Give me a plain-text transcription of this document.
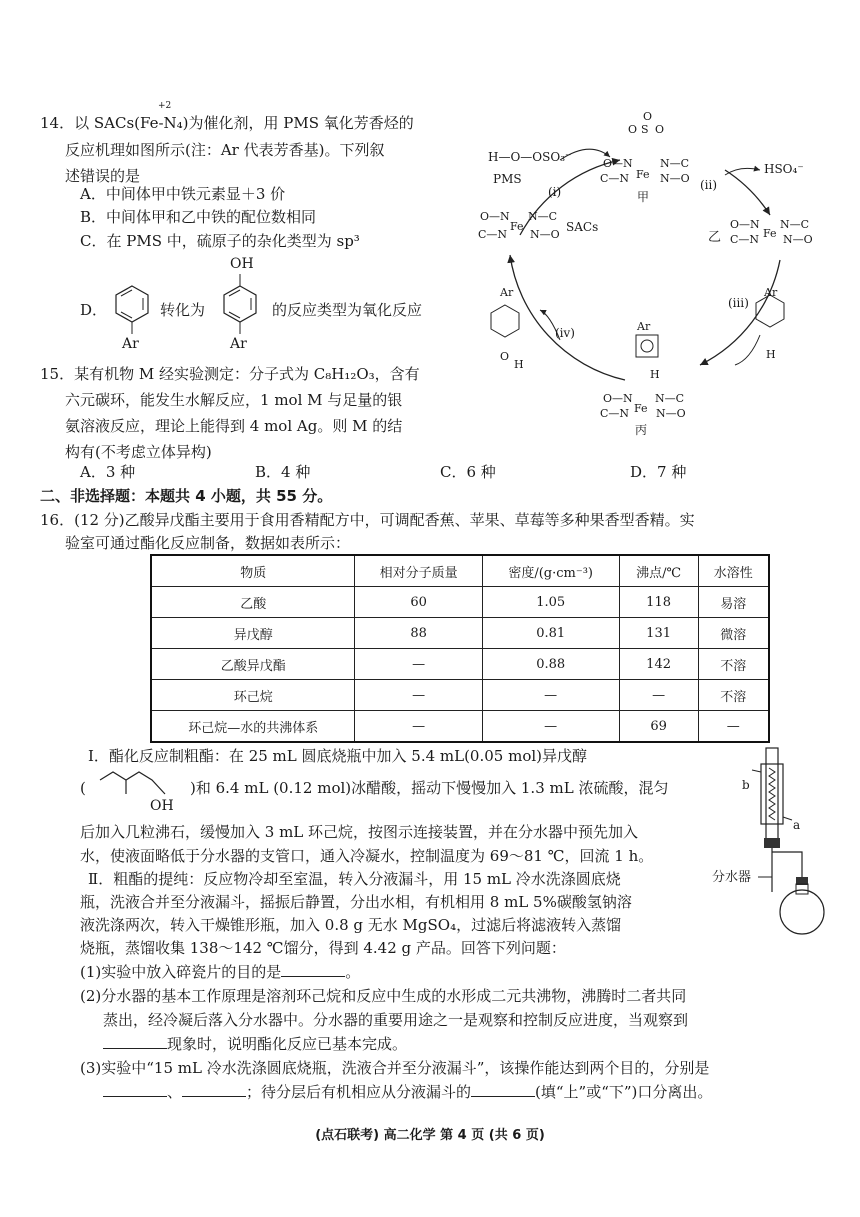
14．以 SACs(Fe-N₄)为催化剂，用 PMS 氧化芳香烃的
+2
反应机理如图所示(注：Ar 代表芳香基)。下列叙
述错误的是
A．中间体甲中铁元素显＋3 价
B．中间体甲和乙中铁的配位数相同
C．在 PMS 中，硫原子的杂化类型为 sp³
D．
Ar
转化为
OH
Ar
的反应类型为氧化反应
H—O—OSO₃⁻
PMS
(ⅰ)	(ⅱ)
(ⅲ)
(ⅳ)
HSO₄⁻
O
S
O O
O—N N—C
C—N Fe N—O
甲
O—N N—C
C—N
Fe
N—O
SACs
乙
O—N N—C
C—N Fe N—O
Ar
H
Ar
H
O—N N—C
C—N Fe N—O
丙
Ar
O
H
15．某有机物 M 经实验测定：分子式为 C₈H₁₂O₃，含有
六元碳环，能发生水解反应，1 mol M 与足量的银
氨溶液反应，理论上能得到 4 mol Ag。则 M 的结
构有(不考虑立体异构)
A．3 种	B．4 种	C．6 种	D．7 种
二、非选择题：本题共 4 小题，共 55 分。
16．(12 分)乙酸异戊酯主要用于食用香精配方中，可调配香蕉、苹果、草莓等多种果香型香精。实
验室可通过酯化反应制备，数据如表所示：
物质	相对分子质量	密度/(g·cm⁻³)	沸点/℃	水溶性
乙酸	60	1.05	118	易溶
异戊醇	88	0.81	131	微溶
乙酸异戊酯	—	0.88	142	不溶
环己烷	—	—	—	不溶
环己烷—水的共沸体系	—	—	69	—
Ⅰ．酯化反应制粗酯：在 25 mL 圆底烧瓶中加入 5.4 mL(0.05 mol)异戊醇
(
OH
)和 6.4 mL (0.12 mol)冰醋酸，摇动下慢慢加入 1.3 mL 浓硫酸，混匀
后加入几粒沸石，缓慢加入 3 mL 环己烷，按图示连接装置，并在分水器中预先加入
水，使液面略低于分水器的支管口，通入冷凝水，控制温度为 69～81 ℃，回流 1 h。
Ⅱ．粗酯的提纯：反应物冷却至室温，转入分液漏斗，用 15 mL 冷水洗涤圆底烧
瓶，洗液合并至分液漏斗，摇振后静置，分出水相，有机相用 8 mL 5%碳酸氢钠溶
液洗涤两次，转入干燥锥形瓶，加入 0.8 g 无水 MgSO₄，过滤后将滤液转入蒸馏
烧瓶，蒸馏收集 138～142 ℃馏分，得到 4.42 g 产品。回答下列问题：
b
a
分水器
(1)实验中放入碎瓷片的目的是	。
(2)分水器的基本工作原理是溶剂环己烷和反应中生成的水形成二元共沸物，沸腾时二者共同
蒸出，经冷凝后落入分水器中。分水器的重要用途之一是观察和控制反应进度，当观察到
现象时，说明酯化反应已基本完成。
(3)实验中“15 mL 冷水洗涤圆底烧瓶，洗液合并至分液漏斗”，该操作能达到两个目的，分别是
、	；待分层后有机相应从分液漏斗的	(填“上”或“下”)口分离出。
(点石联考) 高二化学 第 4 页 (共 6 页)
